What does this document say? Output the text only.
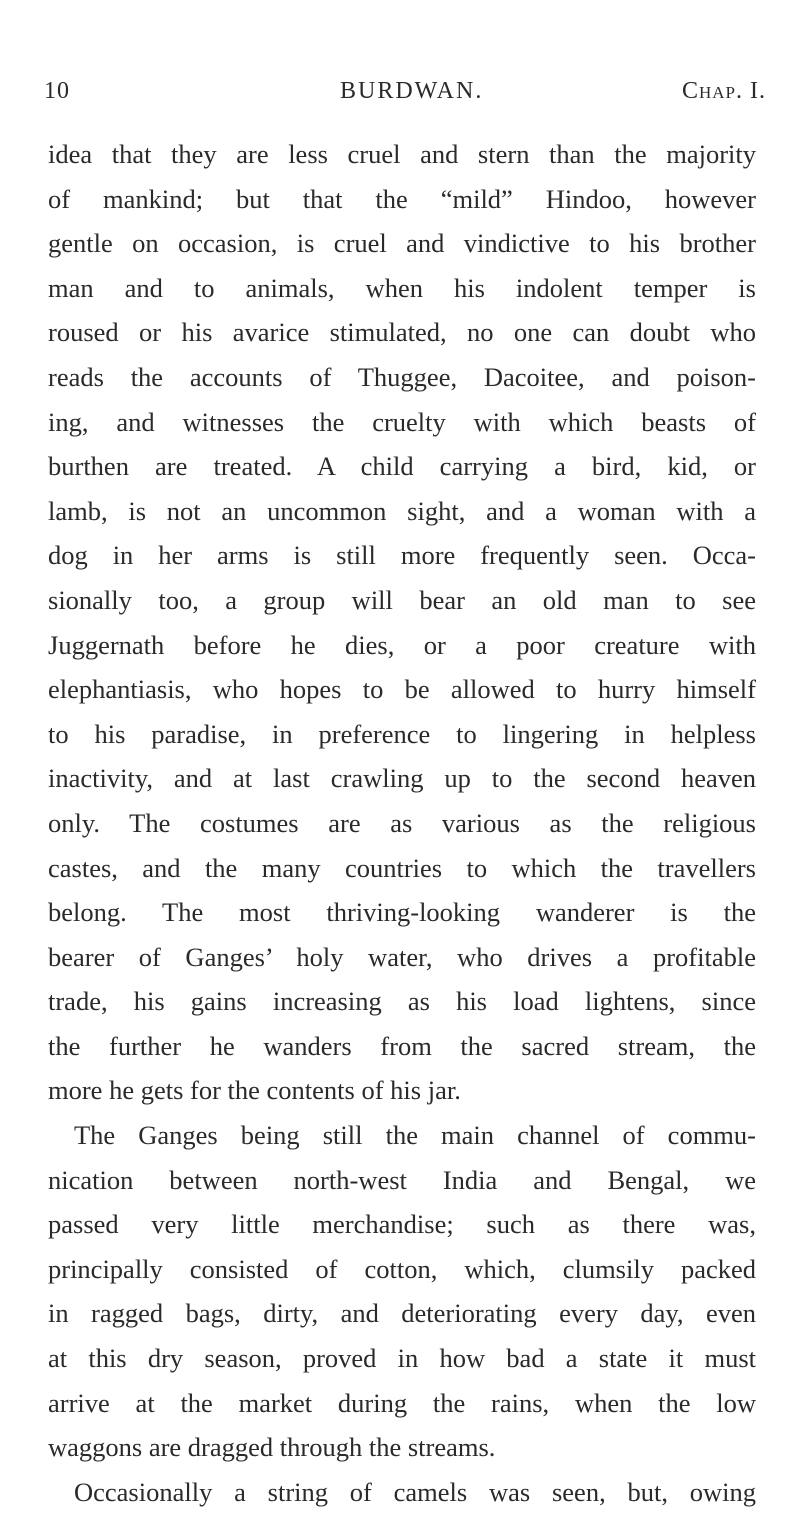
10	BURDWAN.	Chap. I.
idea that they are less cruel and stern than the majority
of mankind; but that the “mild” Hindoo, however
gentle on occasion, is cruel and vindictive to his brother
man and to animals, when his indolent temper is
roused or his avarice stimulated, no one can doubt who
reads the accounts of Thuggee, Dacoitee, and poison-
ing, and witnesses the cruelty with which beasts of
burthen are treated. A child carrying a bird, kid, or
lamb, is not an uncommon sight, and a woman with a
dog in her arms is still more frequently seen. Occa-
sionally too, a group will bear an old man to see
Juggernath before he dies, or a poor creature with
elephantiasis, who hopes to be allowed to hurry himself
to his paradise, in preference to lingering in helpless
inactivity, and at last crawling up to the second heaven
only. The costumes are as various as the religious
castes, and the many countries to which the travellers
belong. The most thriving-looking wanderer is the
bearer of Ganges’ holy water, who drives a profitable
trade, his gains increasing as his load lightens, since
the further he wanders from the sacred stream, the
more he gets for the contents of his jar.
The Ganges being still the main channel of commu-
nication between north-west India and Bengal, we
passed very little merchandise; such as there was,
principally consisted of cotton, which, clumsily packed
in ragged bags, dirty, and deteriorating every day, even
at this dry season, proved in how bad a state it must
arrive at the market during the rains, when the low
waggons are dragged through the streams.
Occasionally a string of camels was seen, but, owing
